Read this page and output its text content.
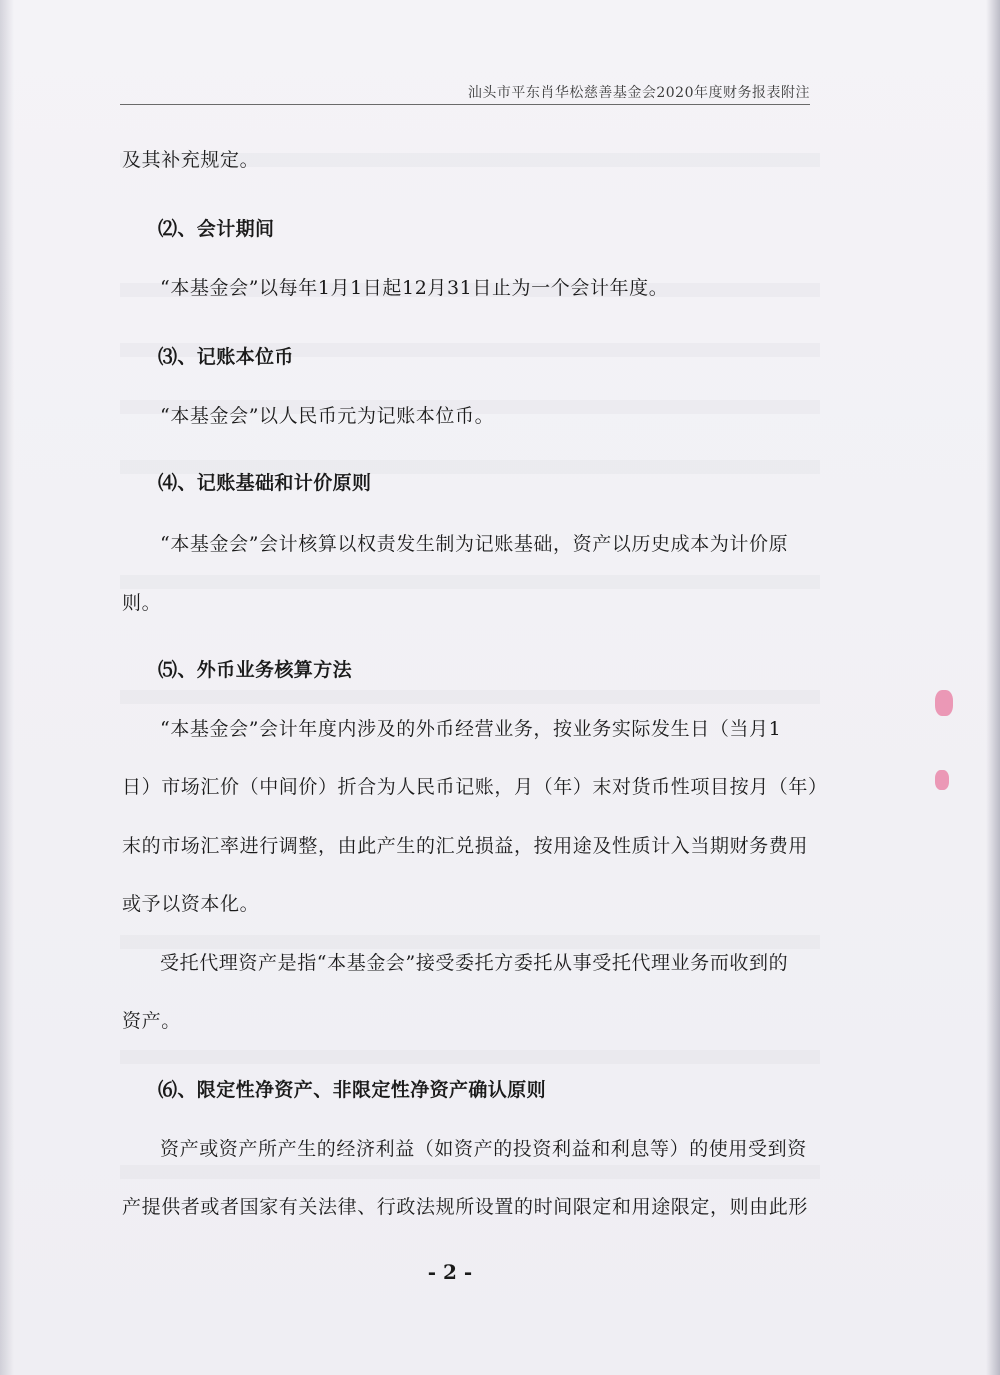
汕头市平东肖华松慈善基金会2020年度财务报表附注
及其补充规定。
⑵、会计期间
“本基金会”以每年1月1日起12月31日止为一个会计年度。
⑶、记账本位币
“本基金会”以人民币元为记账本位币。
⑷、记账基础和计价原则
“本基金会”会计核算以权责发生制为记账基础，资产以历史成本为计价原
则。
⑸、外币业务核算方法
“本基金会”会计年度内涉及的外币经营业务，按业务实际发生日（当月1
日）市场汇价（中间价）折合为人民币记账，月（年）末对货币性项目按月（年）
末的市场汇率进行调整，由此产生的汇兑损益，按用途及性质计入当期财务费用
或予以资本化。
受托代理资产是指“本基金会”接受委托方委托从事受托代理业务而收到的
资产。
⑹、限定性净资产、非限定性净资产确认原则
资产或资产所产生的经济利益（如资产的投资利益和利息等）的使用受到资
产提供者或者国家有关法律、行政法规所设置的时间限定和用途限定，则由此形
- 2 -
